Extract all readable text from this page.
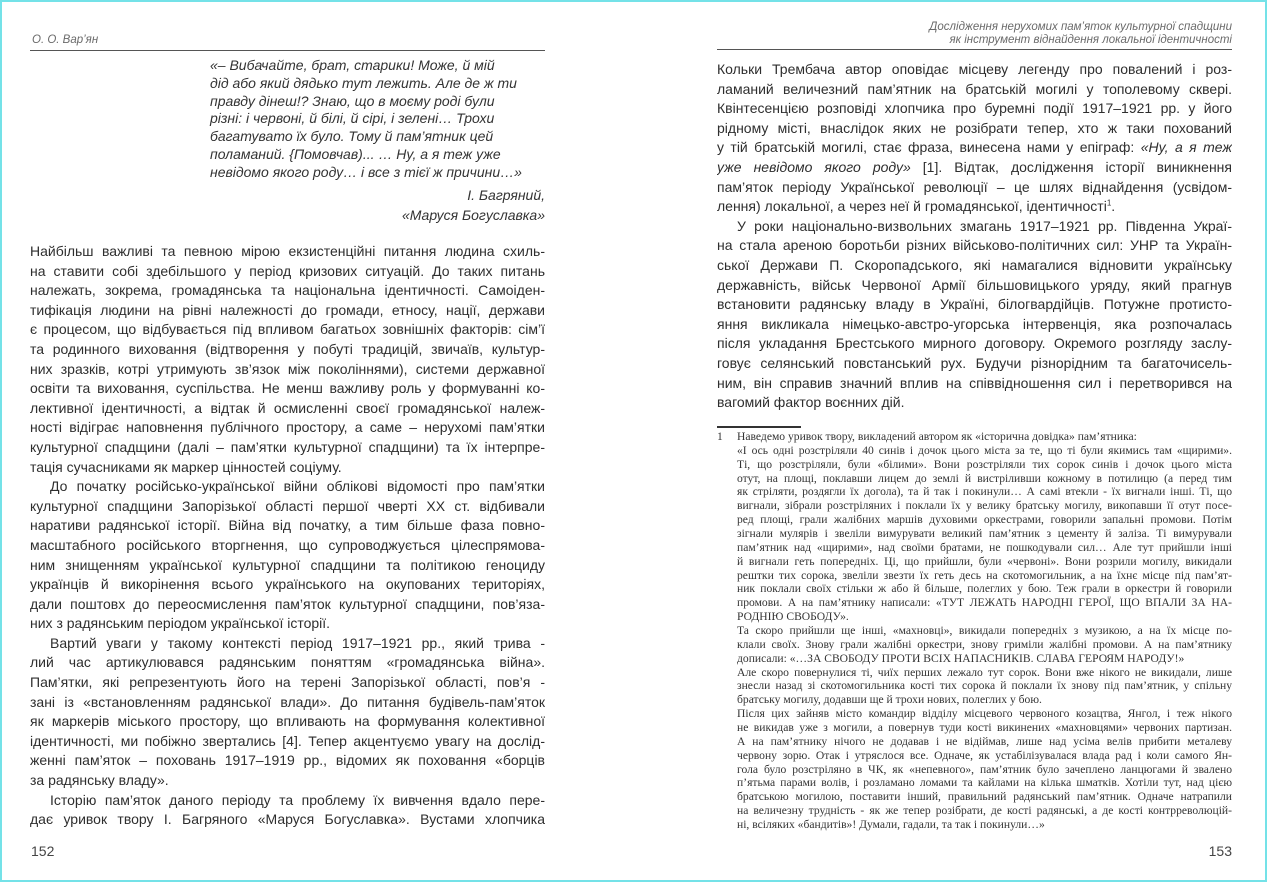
О. О. Вар’ян
«– Вибачайте, брат, старики! Може, й мій
дід або який дядько тут лежить. Але де ж ти
правду дінеш!? Знаю, що в моєму роді були
різні: і червоні, й білі, й сірі, і зелені… Трохи
багатувато їх було. Тому й пам’ятник цей
поламаний. {Помовчав)... … Ну, а я теж уже
невідомо якого роду… і все з тієї ж причини…»
І. Багряний,
«Маруся Богуславка»
Найбільш важливі та певною мірою екзистенційні питання людина схиль-
на ставити собі здебільшого у період кризових ситуацій. До таких питань
належать, зокрема, громадянська та національна ідентичності. Самоіден-
тифікація людини на рівні належності до громади, етносу, нації, держави
є процесом, що відбувається під впливом багатьох зовнішніх факторів: сім’ї
та родинного виховання (відтворення у побуті традицій, звичаїв, культур-
них зразків, котрі утримують зв’язок між поколіннями), системи державної
освіти та виховання, суспільства. Не менш важливу роль у формуванні ко-
лективної ідентичності, а відтак й осмисленні своєї громадянської належ-
ності відіграє наповнення публічного простору, а саме – нерухомі пам’ятки
культурної спадщини (далі – пам’ятки культурної спадщини) та їх інтерпре-
тація сучасниками як маркер цінностей соціуму.
До початку російсько-української війни облікові відомості про пам’ятки
культурної спадщини Запорізької області першої чверті ХХ ст. відбивали
наративи радянської історії. Війна від початку, а тим більше фаза повно-
масштабного російського вторгнення, що супроводжується цілеспрямова-
ним знищенням української культурної спадщини та політикою геноциду
українців й викорінення всього українського на окупованих територіях,
дали поштовх до переосмислення пам’яток культурної спадщини, пов’яза-
них з радянським періодом української історії.
Вартий уваги у такому контексті період 1917–1921 рр., який трива -
лий час артикулювався радянським поняттям «громадянська війна».
Пам’ятки, які репрезентують його на терені Запорізької області, пов’я -
зані із «встановленням радянської влади». До питання будівель-пам’яток
як маркерів міського простору, що впливають на формування колективної
ідентичності, ми побіжно звертались [4]. Тепер акцентуємо увагу на дослід-
женні пам’яток – поховань 1917–1919 рр., відомих як поховання «борців
за радянську владу».
Історію пам’яток даного періоду та проблему їх вивчення вдало пере-
дає уривок твору І. Багряного «Маруся Богуславка». Вустами хлопчика
152
Дослідження нерухомих пам’яток культурної спадщини
як інструмент віднайдення локальної ідентичності
Кольки Трембача автор оповідає місцеву легенду про повалений і роз-
ламаний величезний пам’ятник на братській могилі у тополевому сквері.
Квінтесенцією розповіді хлопчика про буремні події 1917–1921 рр. у його
рідному місті, внаслідок яких не розібрати тепер, хто ж таки похований
у тій братській могилі, стає фраза, винесена нами у епіграф: «Ну, а я теж
уже невідомо якого роду» [1]. Відтак, дослідження історії виникнення
пам’яток періоду Української революції – це шлях віднайдення (усвідом-
лення) локальної, а через неї й громадянської, ідентичності$^1$.
У роки національно-визвольних змагань 1917–1921 рр. Південна Украї-
на стала ареною боротьби різних військово-політичних сил: УНР та Україн-
ської Держави П. Скоропадського, які намагалися відновити українську
державність, військ Червоної Армії більшовицького уряду, який прагнув
встановити радянську владу в Україні, білогвардійців. Потужне протисто-
яння викликала німецько-австро-угорська інтервенція, яка розпочалась
після укладання Брестського мирного договору. Окремого розгляду заслу-
говує селянський повстанський рух. Будучи різнорідним та багаточисель-
ним, він справив значний вплив на співвідношення сил і перетворився на
вагомий фактор воєнних дій.
1 Наведемо уривок твору, викладений автором як «історична довідка» пам’ятника:
«І ось одні розстріляли 40 синів і дочок цього міста за те, що ті були якимись там «щирими».
Ті, що розстріляли, були «білими». Вони розстріляли тих сорок синів і дочок цього міста
отут, на площі, поклавши лицем до землі й вистріливши кожному в потилицю (а перед тим
як стріляти, роздягли їх догола), та й так і покинули… А самі втекли - їх вигнали інші. Ті, що
вигнали, зібрали розстріляних і поклали їх у велику братську могилу, викопавши її отут посе-
ред площі, грали жалібних маршів духовими оркестрами, говорили запальні промови. Потім
зігнали мулярів і звеліли вимурувати великий пам’ятник з цементу й заліза. Ті вимурували
пам’ятник над «щирими», над своїми братами, не пошкодували сил… Але тут прийшли інші
й вигнали геть попередніх. Ці, що прийшли, були «червоні». Вони розрили могилу, викидали
рештки тих сорока, звеліли звезти їх геть десь на скотомогильник, а на їхнє місце під пам’ят-
ник поклали своїх стільки ж або й більше, полеглих у бою. Теж грали в оркестри й говорили
промови. А на пам’ятнику написали: «ТУТ ЛЕЖАТЬ НАРОДНІ ГЕРОЇ, ЩО ВПАЛИ ЗА НА-
РОДНІЮ СВОБОДУ».
Та скоро прийшли ще інші, «махновці», викидали попередніх з музикою, а на їх місце по-
клали своїх. Знову грали жалібні оркестри, знову гриміли жалібні промови. А на пам’ятнику
дописали: «…ЗА СВОБОДУ ПРОТИ ВСІХ НАПАСНИКІВ. СЛАВА ГЕРОЯМ НАРОДУ!»
Але скоро повернулися ті, чиїх перших лежало тут сорок. Вони вже нікого не викидали, лише
знесли назад зі скотомогильника кості тих сорока й поклали їх знову під пам’ятник, у спільну
братську могилу, додавши ще й трохи нових, полеглих у бою.
Після цих зайняв місто командир відділу місцевого червоного козацтва, Янгол, і теж нікого
не викидав уже з могили, а повернув туди кості викинених «махновцями» червоних партизан.
А на пам’ятнику нічого не додавав і не відіймав, лише над усіма велів прибити металеву
червону зорю. Отак і утряслося все. Одначе, як устабілізувалася влада рад і коли самого Ян-
гола було розстріляно в ЧК, як «непевного», пам’ятник було зачеплено ланцюгами й звалено
п’ятьма парами волів, і розламано ломами та кайлами на кілька шматків. Хотіли тут, над цією
братською могилою, поставити інший, правильний радянський пам’ятник. Одначе натрапили
на величезну трудність - як же тепер розібрати, де кості радянські, а де кості контрреволюцій-
ні, всіляких «бандитів»! Думали, гадали, та так і покинули…»
153
